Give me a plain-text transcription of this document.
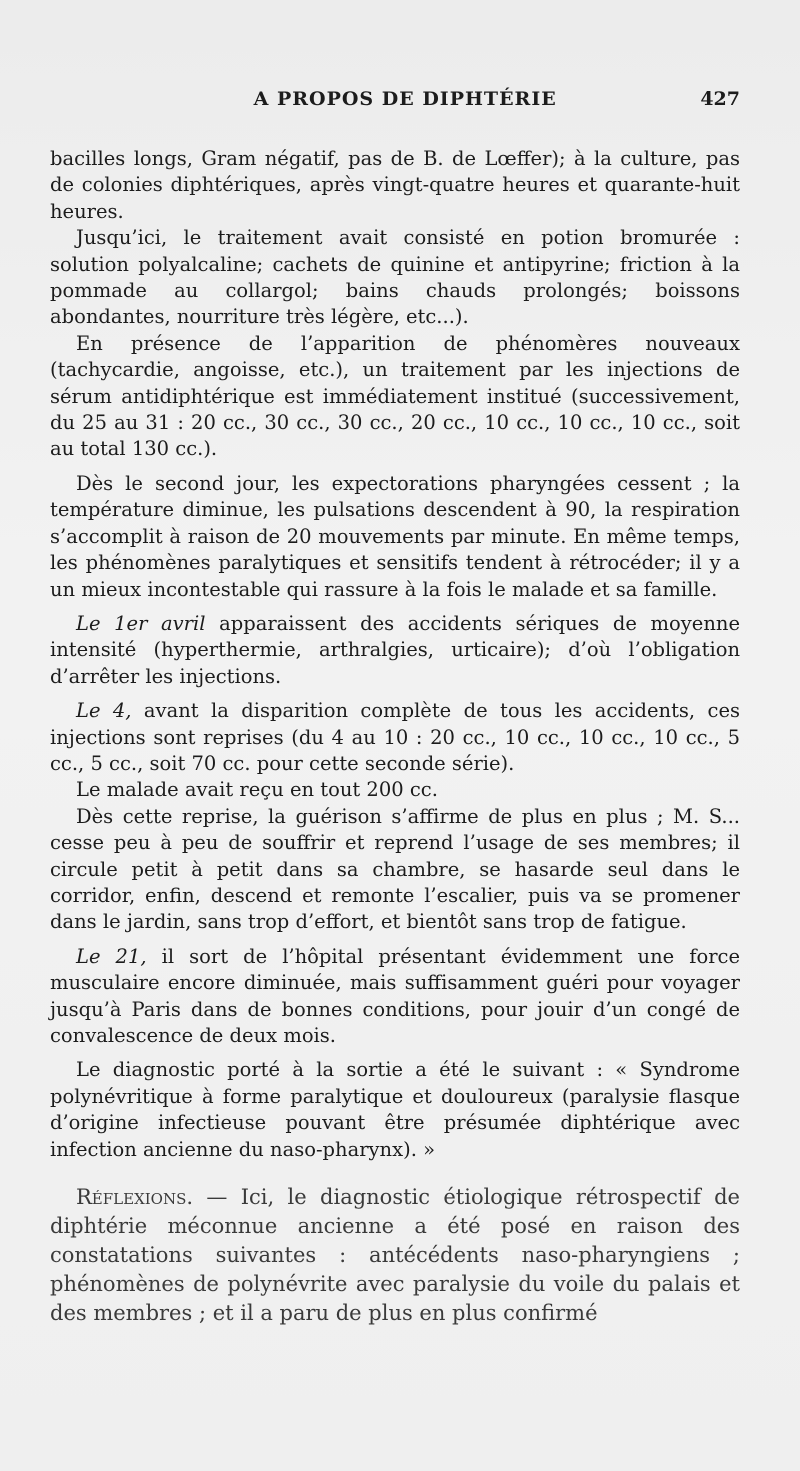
A PROPOS DE DIPHTÉRIE	427

bacilles longs, Gram négatif, pas de B. de Lœffer); à la culture, pas de colonies diphtériques, après vingt-quatre heures et quarante-huit heures.

Jusqu’ici, le traitement avait consisté en potion bromurée : solution polyalcaline; cachets de quinine et antipyrine; friction à la pommade au collargol; bains chauds prolongés; boissons abondantes, nourriture très légère, etc...).

En présence de l’apparition de phénomères nouveaux (tachycardie, angoisse, etc.), un traitement par les injections de sérum antidiphtérique est immédiatement institué (successivement, du 25 au 31 : 20 cc., 30 cc., 30 cc., 20 cc., 10 cc., 10 cc., 10 cc., soit au total 130 cc.).

Dès le second jour, les expectorations pharyngées cessent ; la température diminue, les pulsations descendent à 90, la respiration s’accomplit à raison de 20 mouvements par minute. En même temps, les phénomènes paralytiques et sensitifs tendent à rétrocéder; il y a un mieux incontestable qui rassure à la fois le malade et sa famille.

Le 1er avril apparaissent des accidents sériques de moyenne intensité (hyperthermie, arthralgies, urticaire); d’où l’obligation d’arrêter les injections.

Le 4, avant la disparition complète de tous les accidents, ces injections sont reprises (du 4 au 10 : 20 cc., 10 cc., 10 cc., 10 cc., 5 cc., 5 cc., soit 70 cc. pour cette seconde série).

Le malade avait reçu en tout 200 cc.

Dès cette reprise, la guérison s’affirme de plus en plus ; M. S... cesse peu à peu de souffrir et reprend l’usage de ses membres; il circule petit à petit dans sa chambre, se hasarde seul dans le corridor, enfin, descend et remonte l’escalier, puis va se promener dans le jardin, sans trop d’effort, et bientôt sans trop de fatigue.

Le 21, il sort de l’hôpital présentant évidemment une force musculaire encore diminuée, mais suffisamment guéri pour voyager jusqu’à Paris dans de bonnes conditions, pour jouir d’un congé de convalescence de deux mois.

Le diagnostic porté à la sortie a été le suivant : « Syndrome polynévritique à forme paralytique et douloureux (paralysie flasque d’origine infectieuse pouvant être présumée diphtérique avec infection ancienne du naso-pharynx). »

Réflexions. — Ici, le diagnostic étiologique rétrospectif de diphtérie méconnue ancienne a été posé en raison des constatations suivantes : antécédents naso-pharyngiens ; phénomènes de polynévrite avec paralysie du voile du palais et des membres ; et il a paru de plus en plus confirmé
